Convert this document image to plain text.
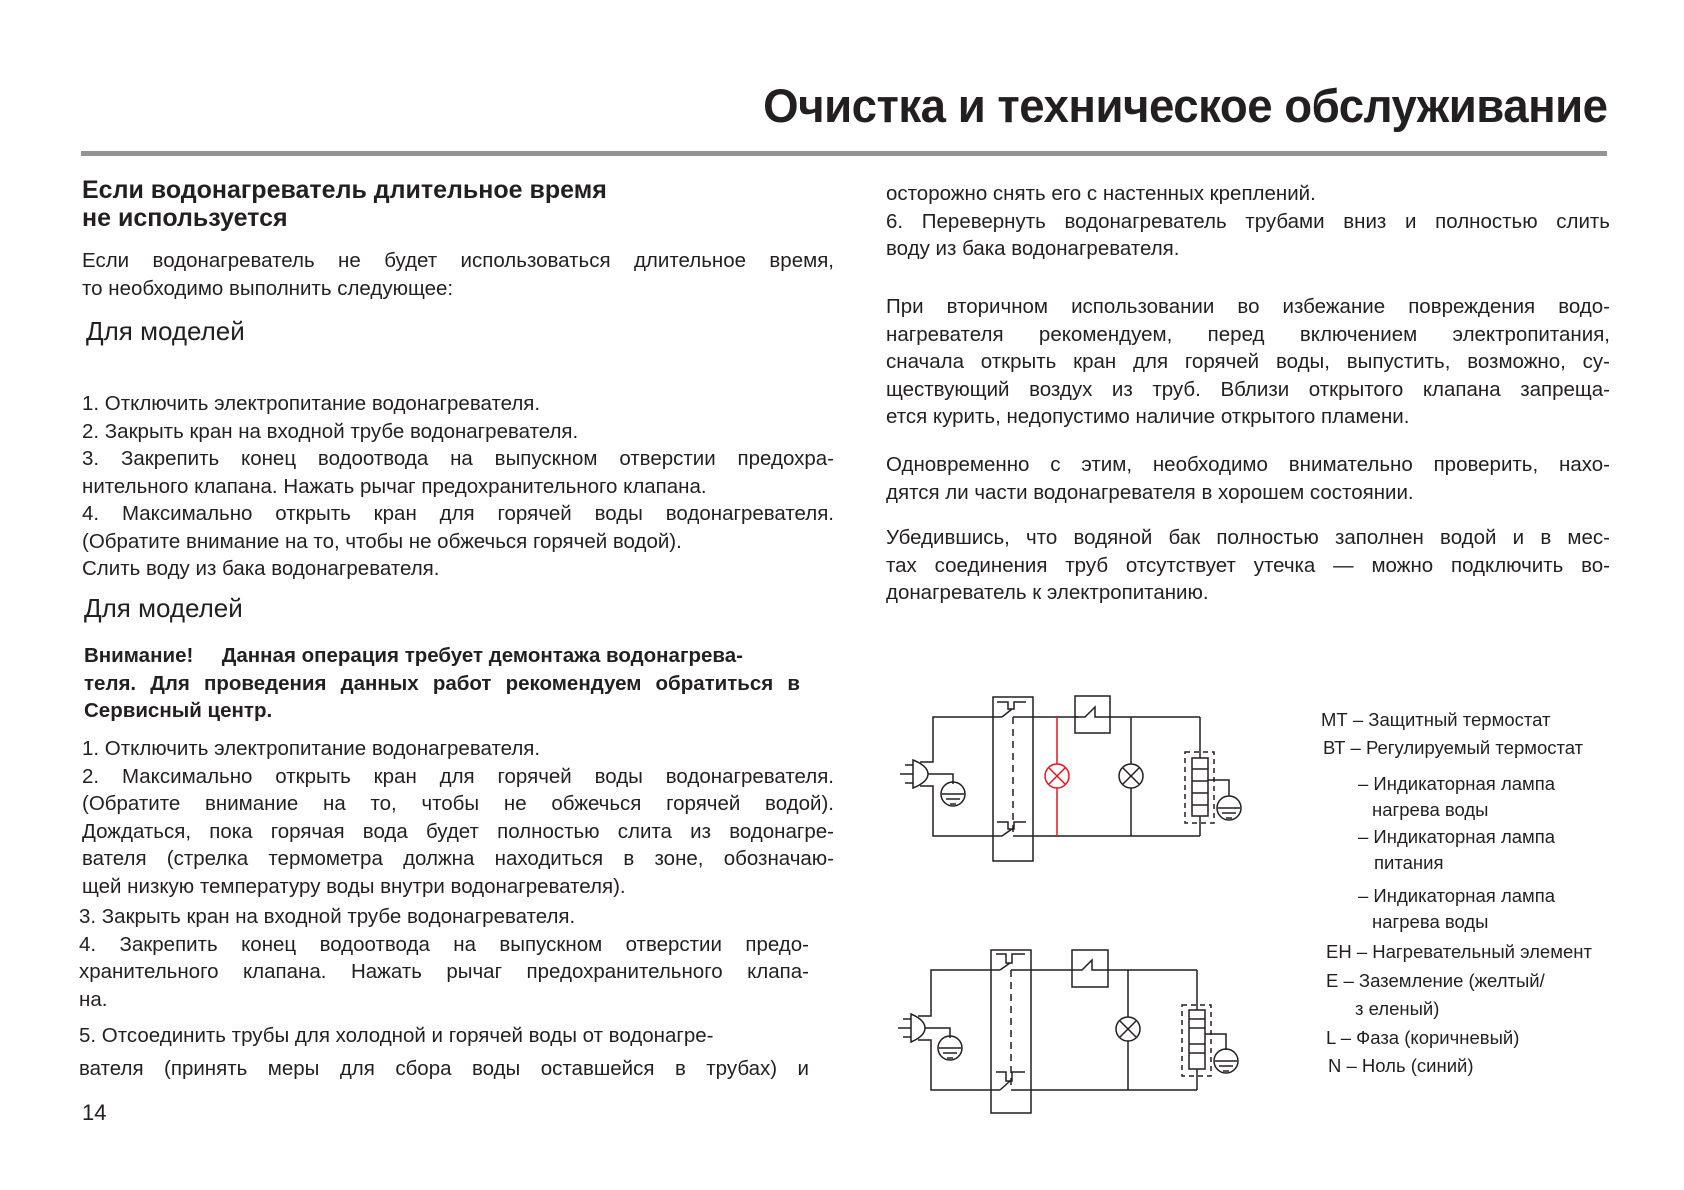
Очистка и техническое обслуживание
Если водонагреватель длительное время
не используется
Если водонагреватель не будет использоваться длительное время,
то необходимо выполнить следующее:
Для моделей
1. Отключить электропитание водонагревателя.
2. Закрыть кран на входной трубе водонагревателя.
3. Закрепить конец водоотвода на выпускном отверстии предохра-
нительного клапана. Нажать рычаг предохранительного клапана.
4. Максимально открыть кран для горячей воды водонагревателя.
(Обратите внимание на то, чтобы не обжечься горячей водой).
Слить воду из бака водонагревателя.
Для моделей
Внимание!     Данная операция требует демонтажа водонагрева-
теля. Для проведения данных работ рекомендуем обратиться в
Сервисный центр.
1. Отключить электропитание водонагревателя.
2. Максимально открыть кран для горячей воды водонагревателя.
(Обратите внимание на то, чтобы не обжечься горячей водой).
Дождаться, пока горячая вода будет полностью слита из водонагре-
вателя (стрелка термометра должна находиться в зоне, обозначаю-
щей низкую температуру воды внутри водонагревателя).
3. Закрыть кран на входной трубе водонагревателя.
4. Закрепить конец водоотвода на выпускном отверстии предо-
хранительного клапана. Нажать рычаг предохранительного клапа-
на.
5. Отсоединить трубы для холодной и горячей воды от водонагре-
вателя (принять меры для сбора воды оставшейся в трубах) и
14
осторожно снять его с настенных креплений.
6. Перевернуть водонагреватель трубами вниз и полностью слить
воду из бака водонагревателя.
При вторичном использовании во избежание повреждения водо-
нагревателя рекомендуем, перед включением электропитания,
сначала открыть кран для горячей воды, выпустить, возможно, су-
ществующий воздух из труб. Вблизи открытого клапана запреща-
ется курить, недопустимо наличие открытого пламени.
Одновременно с этим, необходимо внимательно проверить, нахо-
дятся ли части водонагревателя в хорошем состоянии.
Убедившись, что водяной бак полностью заполнен водой и в мес-
тах соединения труб отсутствует утечка — можно подключить во-
донагреватель к электропитанию.
МТ – Защитный термостат
ВТ – Регулируемый термостат
– Индикаторная лампа
нагрева воды
– Индикаторная лампа
питания
– Индикаторная лампа
нагрева воды
ЕН – Нагревательный элемент
Е – Заземление (желтый/
з еленый)
L – Фаза (коричневый)
N – Ноль (синий)
